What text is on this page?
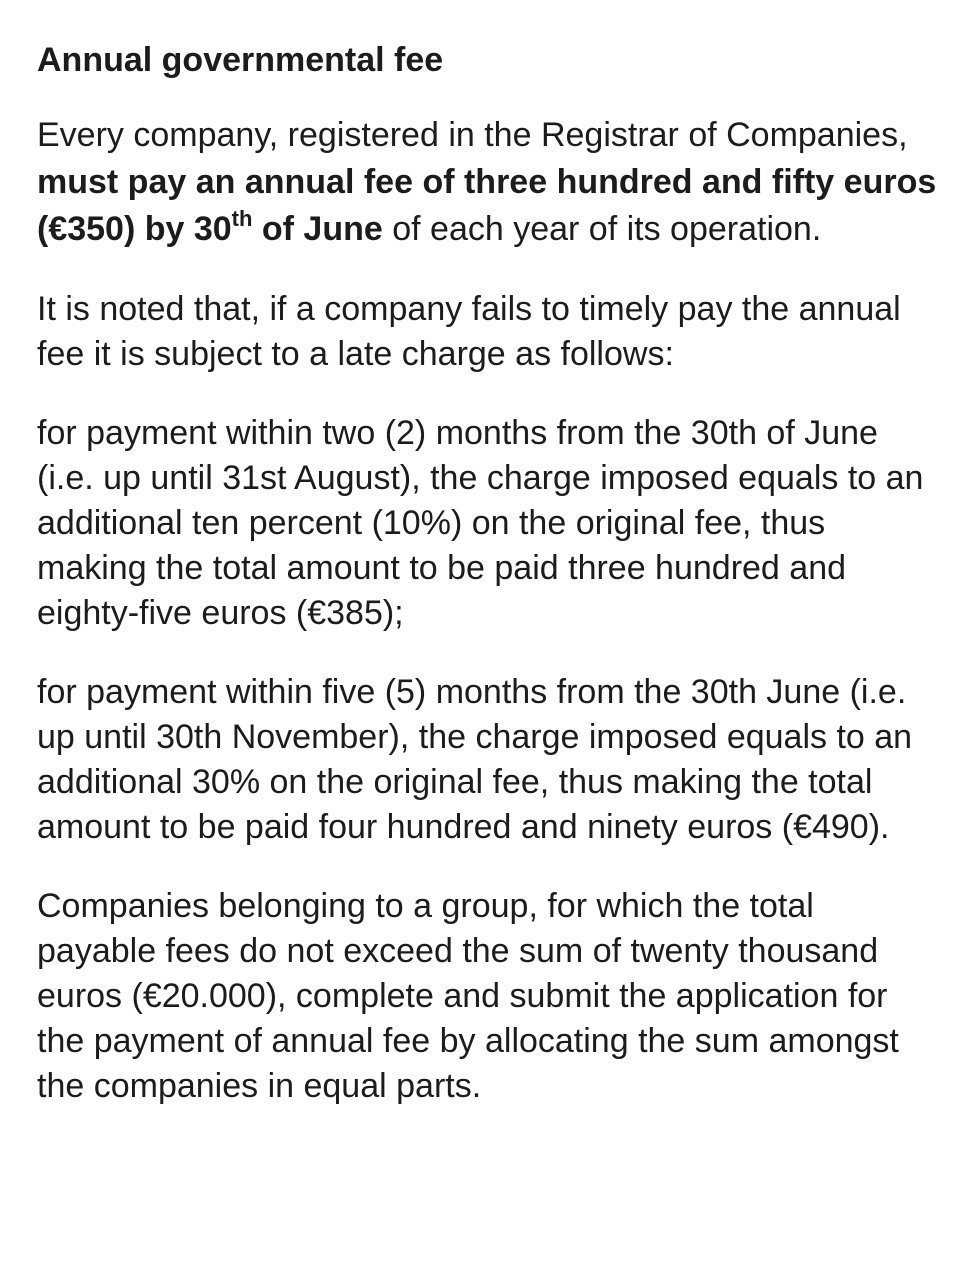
Annual governmental fee
Every company, registered in the Registrar of Companies, must pay an annual fee of three hundred and fifty euros (€350) by 30th of June of each year of its operation.
It is noted that, if a company fails to timely pay the annual fee it is subject to a late charge as follows:
for payment within two (2) months from the 30th of June (i.e. up until 31st August), the charge imposed equals to an additional ten percent (10%) on the original fee, thus making the total amount to be paid three hundred and eighty-five euros (€385);
for payment within five (5) months from the 30th June (i.e. up until 30th November), the charge imposed equals to an additional 30% on the original fee, thus making the total amount to be paid four hundred and ninety euros (€490).
Companies belonging to a group, for which the total payable fees do not exceed the sum of twenty thousand euros (€20.000), complete and submit the application for the payment of annual fee by allocating the sum amongst the companies in equal parts.
